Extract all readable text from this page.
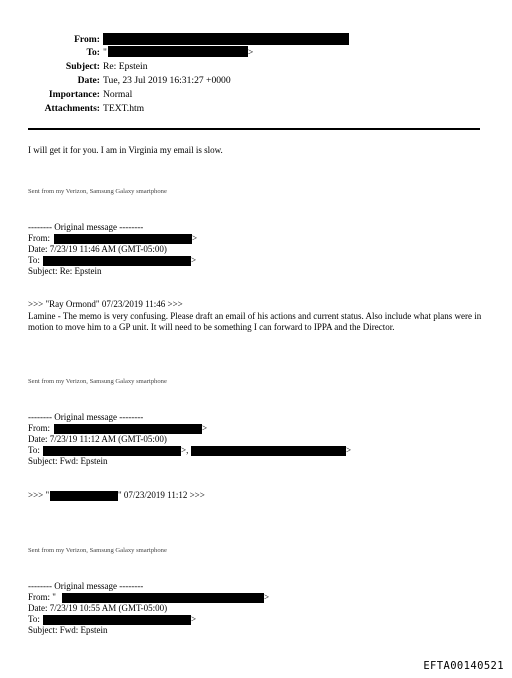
From:
To: "	>
Subject: Re: Epstein
Date: Tue, 23 Jul 2019 16:31:27 +0000
Importance: Normal
Attachments: TEXT.htm
I will get it for you. I am in Virginia my email is slow.
Sent from my Verizon, Samsung Galaxy smartphone
-------- Original message --------
From:	>
Date: 7/23/19 11:46 AM (GMT-05:00)
To:	>
Subject: Re: Epstein
>>> "Ray Ormond" 07/23/2019 11:46 >>>
Lamine - The memo is very confusing. Please draft an email of his actions and current status. Also include what plans were in motion to move him to a GP unit. It will need to be something I can forward to IPPA and the Director.
Sent from my Verizon, Samsung Galaxy smartphone
-------- Original message --------
From:	>
Date: 7/23/19 11:12 AM (GMT-05:00)
To:	>,	>
Subject: Fwd: Epstein
>>> "	" 07/23/2019 11:12 >>>
Sent from my Verizon, Samsung Galaxy smartphone
-------- Original message --------
From: "	>
Date: 7/23/19 10:55 AM (GMT-05:00)
To:	>
Subject: Fwd: Epstein
EFTA00140521
